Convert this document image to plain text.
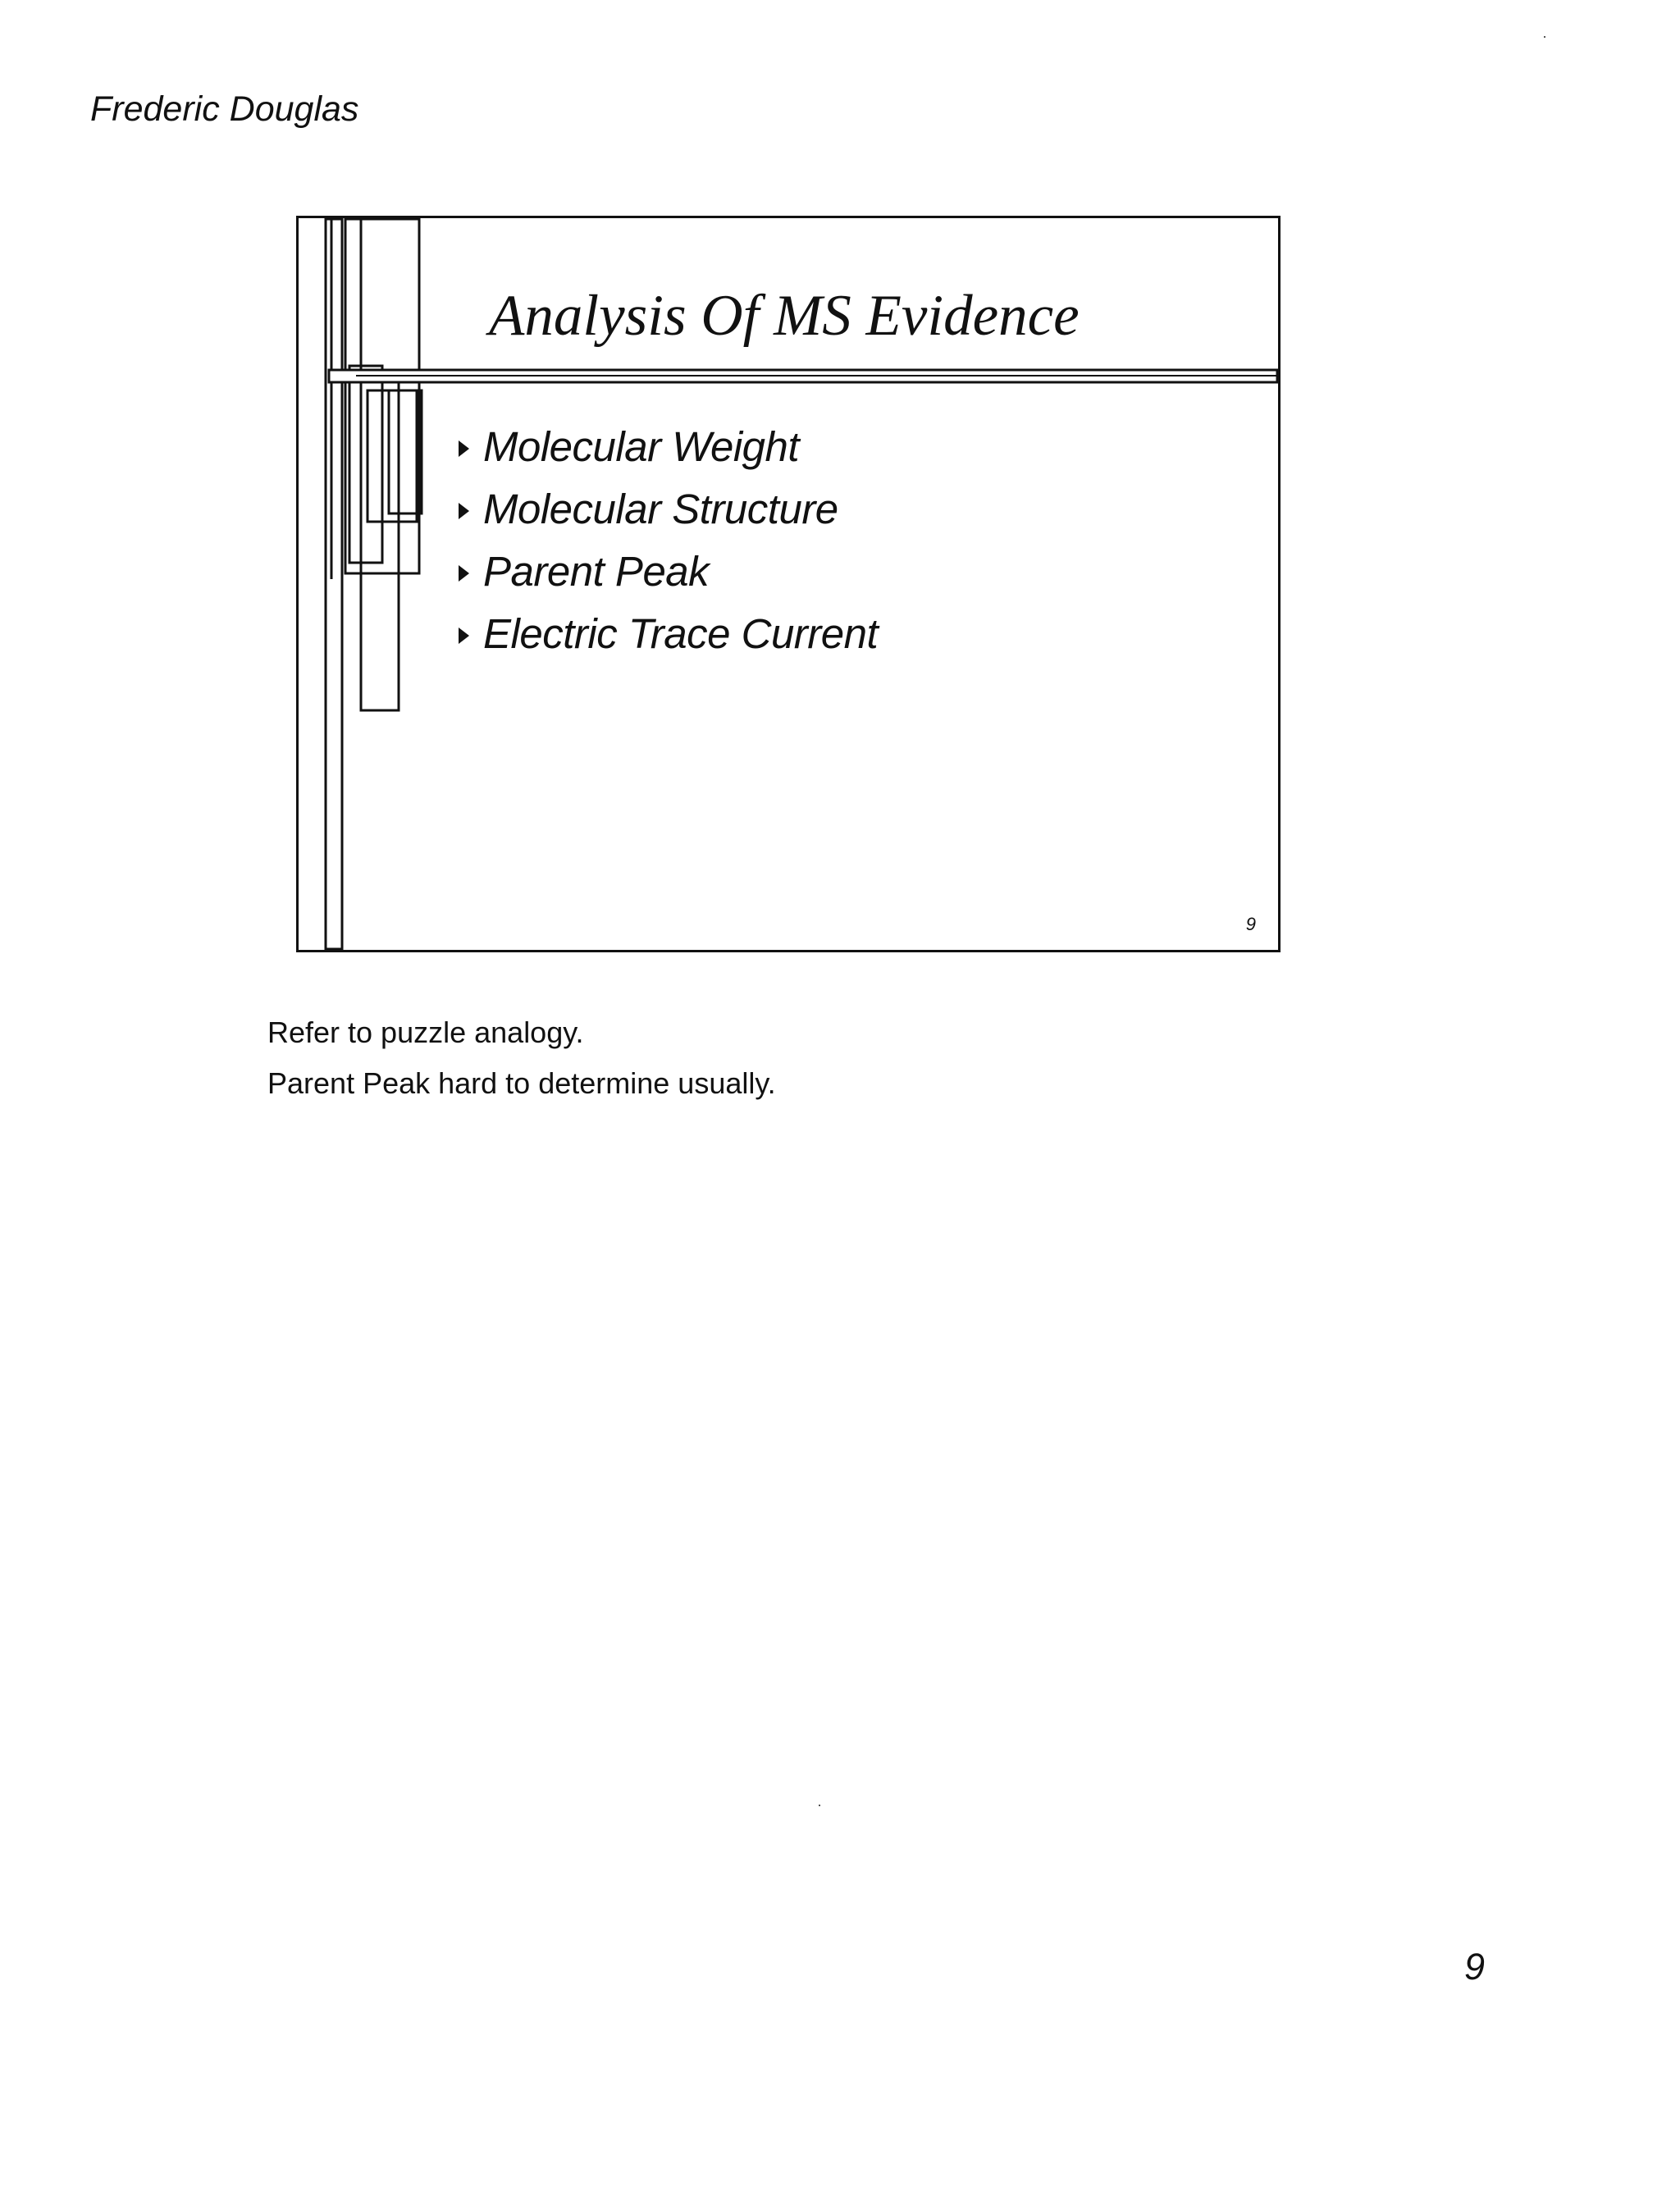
Frederic Douglas
Analysis Of MS Evidence
Molecular Weight
Molecular Structure
Parent Peak
Electric Trace Current
9
Refer to puzzle analogy.
Parent Peak hard to determine usually.
9
